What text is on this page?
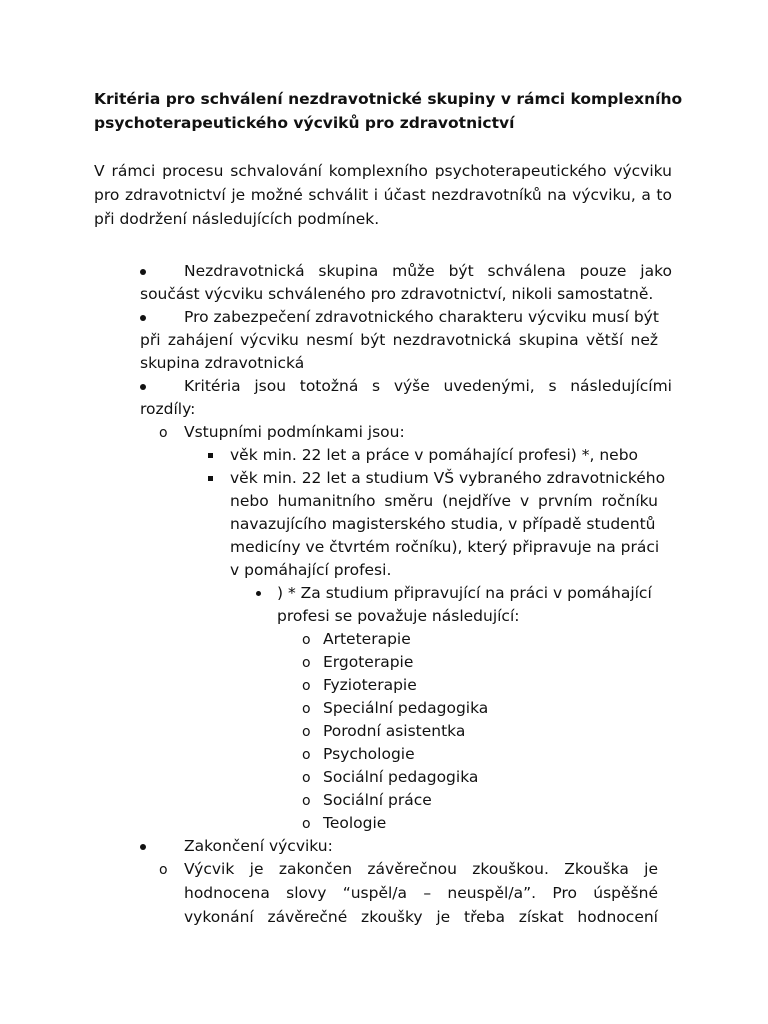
Kritéria pro schválení nezdravotnické skupiny v rámci komplexního
psychoterapeutického výcviků pro zdravotnictví

V rámci procesu schvalování komplexního psychoterapeutického výcviku
pro zdravotnictví je možné schválit i účast nezdravotníků na výcviku, a to
při dodržení následujících podmínek.

Nezdravotnická skupina může být schválena pouze jako
součást výcviku schváleného pro zdravotnictví, nikoli samostatně.
Pro zabezpečení zdravotnického charakteru výcviku musí být
při zahájení výcviku nesmí být nezdravotnická skupina větší než
skupina zdravotnická
Kritéria jsou totožná s výše uvedenými, s následujícími
rozdíly:
o Vstupními podmínkami jsou:
věk min. 22 let a práce v pomáhající profesi) *, nebo
věk min. 22 let a studium VŠ vybraného zdravotnického
nebo humanitního směru (nejdříve v prvním ročníku
navazujícího magisterského studia, v případě studentů
medicíny ve čtvrtém ročníku), který připravuje na práci
v pomáhající profesi.
) * Za studium připravující na práci v pomáhající
profesi se považuje následující:
o Arteterapie
o Ergoterapie
o Fyzioterapie
o Speciální pedagogika
o Porodní asistentka
o Psychologie
o Sociální pedagogika
o Sociální práce
o Teologie
Zakončení výcviku:
o Výcvik je zakončen závěrečnou zkouškou. Zkouška je
hodnocena slovy “uspěl/a – neuspěl/a”. Pro úspěšné
vykonání závěrečné zkoušky je třeba získat hodnocení
